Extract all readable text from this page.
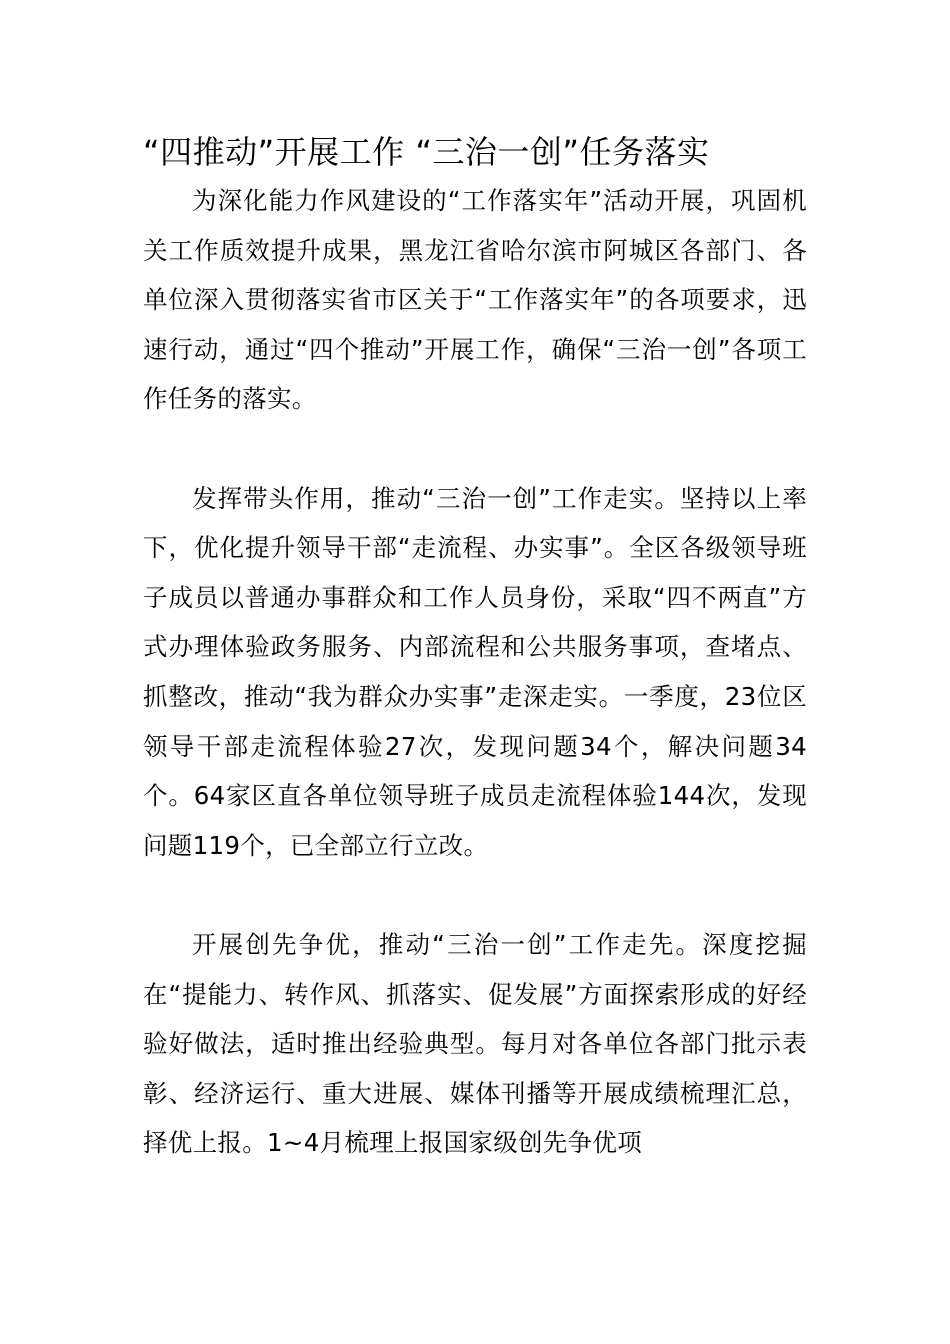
“四推动”开展工作 “三治一创”任务落实

为深化能力作风建设的“工作落实年”活动开展，巩固机关工作质效提升成果，黑龙江省哈尔滨市阿城区各部门、各单位深入贯彻落实省市区关于“工作落实年”的各项要求，迅速行动，通过“四个推动”开展工作，确保“三治一创”各项工作任务的落实。

发挥带头作用，推动“三治一创”工作走实。坚持以上率下，优化提升领导干部“走流程、办实事”。全区各级领导班子成员以普通办事群众和工作人员身份，采取“四不两直”方式办理体验政务服务、内部流程和公共服务事项，查堵点、抓整改，推动“我为群众办实事”走深走实。一季度，23位区领导干部走流程体验27次，发现问题34个，解决问题34个。64家区直各单位领导班子成员走流程体验144次，发现问题119个，已全部立行立改。

开展创先争优，推动“三治一创”工作走先。深度挖掘在“提能力、转作风、抓落实、促发展”方面探索形成的好经验好做法，适时推出经验典型。每月对各单位各部门批示表彰、经济运行、重大进展、媒体刊播等开展成绩梳理汇总，择优上报。1~4月梳理上报国家级创先争优项
